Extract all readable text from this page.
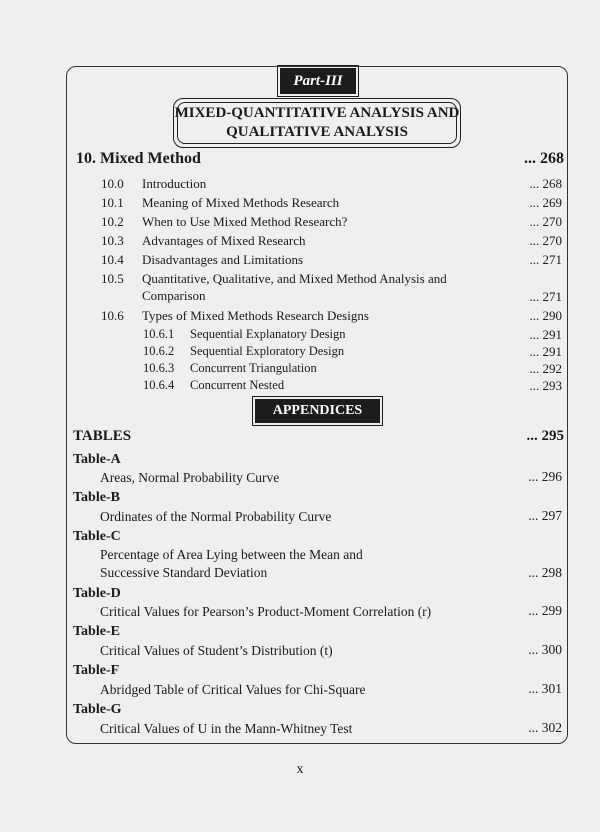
Part-III
MIXED-QUANTITATIVE ANALYSIS AND
QUALITATIVE ANALYSIS
10. Mixed Method	... 268
10.0 Introduction	... 268
10.1 Meaning of Mixed Methods Research	... 269
10.2 When to Use Mixed Method Research?	... 270
10.3 Advantages of Mixed Research	... 270
10.4 Disadvantages and Limitations	... 271
10.5 Quantitative, Qualitative, and Mixed Method Analysis and
Comparison	... 271
10.6 Types of Mixed Methods Research Designs	... 290
10.6.1 Sequential Explanatory Design	... 291
10.6.2 Sequential Exploratory Design	... 291
10.6.3 Concurrent Triangulation	... 292
10.6.4 Concurrent Nested	... 293
APPENDICES
TABLES	... 295
Table-A
Areas, Normal Probability Curve	... 296
Table-B
Ordinates of the Normal Probability Curve	... 297
Table-C
Percentage of Area Lying between the Mean and
Successive Standard Deviation	... 298
Table-D
Critical Values for Pearson’s Product-Moment Correlation (r)	... 299
Table-E
Critical Values of Student’s Distribution (t)	... 300
Table-F
Abridged Table of Critical Values for Chi-Square	... 301
Table-G
Critical Values of U in the Mann-Whitney Test	... 302
x
